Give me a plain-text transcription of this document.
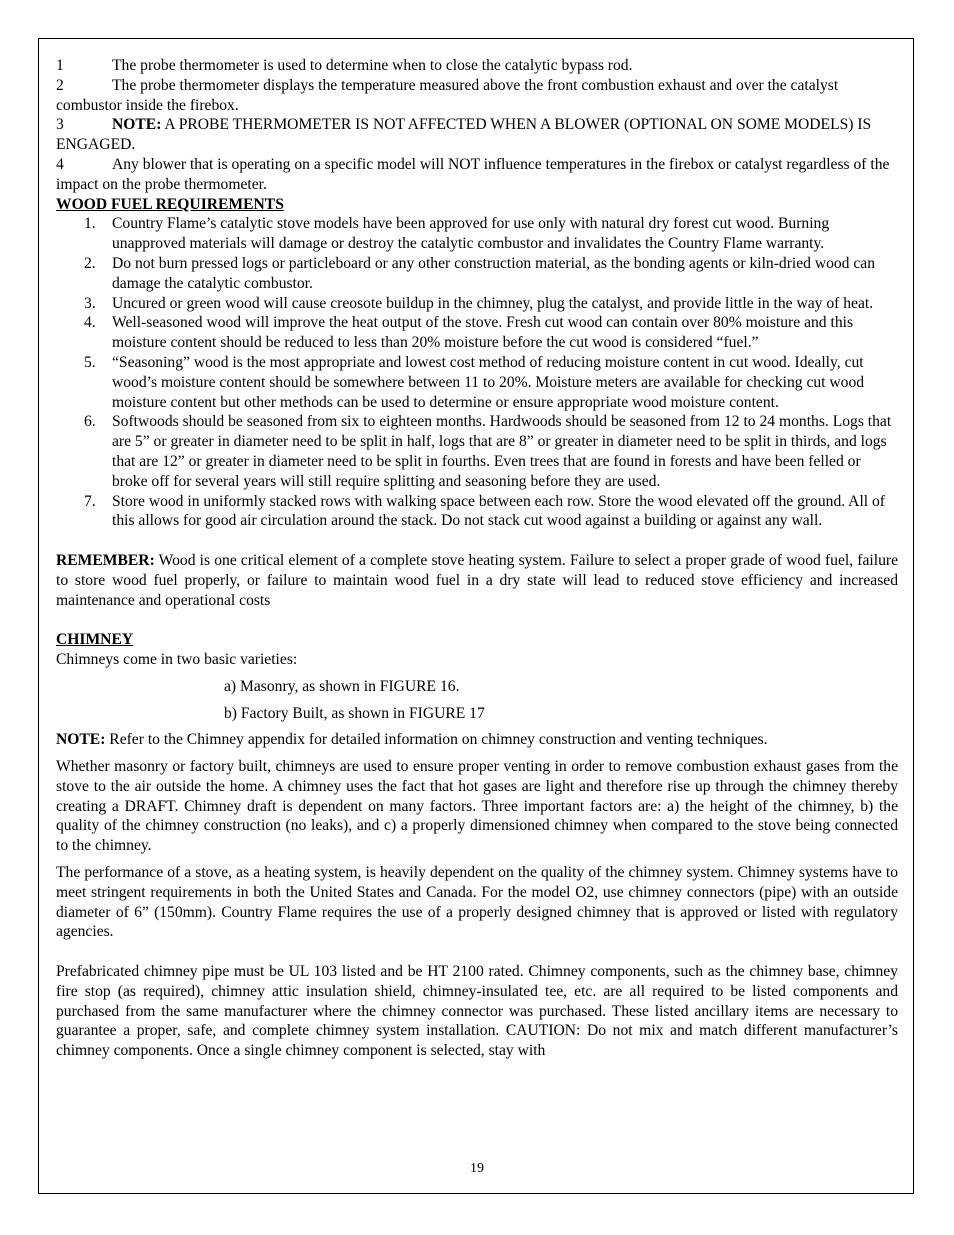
1	The probe thermometer is used to determine when to close the catalytic bypass rod.

2	The probe thermometer displays the temperature measured above the front combustion exhaust and over the catalyst combustor inside the firebox.

3	NOTE: A PROBE THERMOMETER IS NOT AFFECTED WHEN A BLOWER (OPTIONAL ON SOME MODELS) IS ENGAGED.

4	Any blower that is operating on a specific model will NOT influence temperatures in the firebox or catalyst regardless of the impact on the probe thermometer.

WOOD FUEL REQUIREMENTS

1. Country Flame’s catalytic stove models have been approved for use only with natural dry forest cut wood. Burning unapproved materials will damage or destroy the catalytic combustor and invalidates the Country Flame warranty.
2. Do not burn pressed logs or particleboard or any other construction material, as the bonding agents or kiln-dried wood can damage the catalytic combustor.
3. Uncured or green wood will cause creosote buildup in the chimney, plug the catalyst, and provide little in the way of heat.
4. Well-seasoned wood will improve the heat output of the stove. Fresh cut wood can contain over 80% moisture and this moisture content should be reduced to less than 20% moisture before the cut wood is considered “fuel.”
5. “Seasoning” wood is the most appropriate and lowest cost method of reducing moisture content in cut wood. Ideally, cut wood’s moisture content should be somewhere between 11 to 20%. Moisture meters are available for checking cut wood moisture content but other methods can be used to determine or ensure appropriate wood moisture content.
6. Softwoods should be seasoned from six to eighteen months. Hardwoods should be seasoned from 12 to 24 months. Logs that are 5” or greater in diameter need to be split in half, logs that are 8” or greater in diameter need to be split in thirds, and logs that are 12” or greater in diameter need to be split in fourths. Even trees that are found in forests and have been felled or broke off for several years will still require splitting and seasoning before they are used.
7. Store wood in uniformly stacked rows with walking space between each row. Store the wood elevated off the ground. All of this allows for good air circulation around the stack. Do not stack cut wood against a building or against any wall.

REMEMBER: Wood is one critical element of a complete stove heating system. Failure to select a proper grade of wood fuel, failure to store wood fuel properly, or failure to maintain wood fuel in a dry state will lead to reduced stove efficiency and increased maintenance and operational costs

CHIMNEY

Chimneys come in two basic varieties:

a) Masonry, as shown in FIGURE 16.

b) Factory Built, as shown in FIGURE 17

NOTE: Refer to the Chimney appendix for detailed information on chimney construction and venting techniques.

Whether masonry or factory built, chimneys are used to ensure proper venting in order to remove combustion exhaust gases from the stove to the air outside the home. A chimney uses the fact that hot gases are light and therefore rise up through the chimney thereby creating a DRAFT. Chimney draft is dependent on many factors. Three important factors are: a) the height of the chimney, b) the quality of the chimney construction (no leaks), and c) a properly dimensioned chimney when compared to the stove being connected to the chimney.

The performance of a stove, as a heating system, is heavily dependent on the quality of the chimney system. Chimney systems have to meet stringent requirements in both the United States and Canada. For the model O2, use chimney connectors (pipe) with an outside diameter of 6” (150mm). Country Flame requires the use of a properly designed chimney that is approved or listed with regulatory agencies.

Prefabricated chimney pipe must be UL 103 listed and be HT 2100 rated. Chimney components, such as the chimney base, chimney fire stop (as required), chimney attic insulation shield, chimney-insulated tee, etc. are all required to be listed components and purchased from the same manufacturer where the chimney connector was purchased. These listed ancillary items are necessary to guarantee a proper, safe, and complete chimney system installation. CAUTION: Do not mix and match different manufacturer’s chimney components. Once a single chimney component is selected, stay with

19
